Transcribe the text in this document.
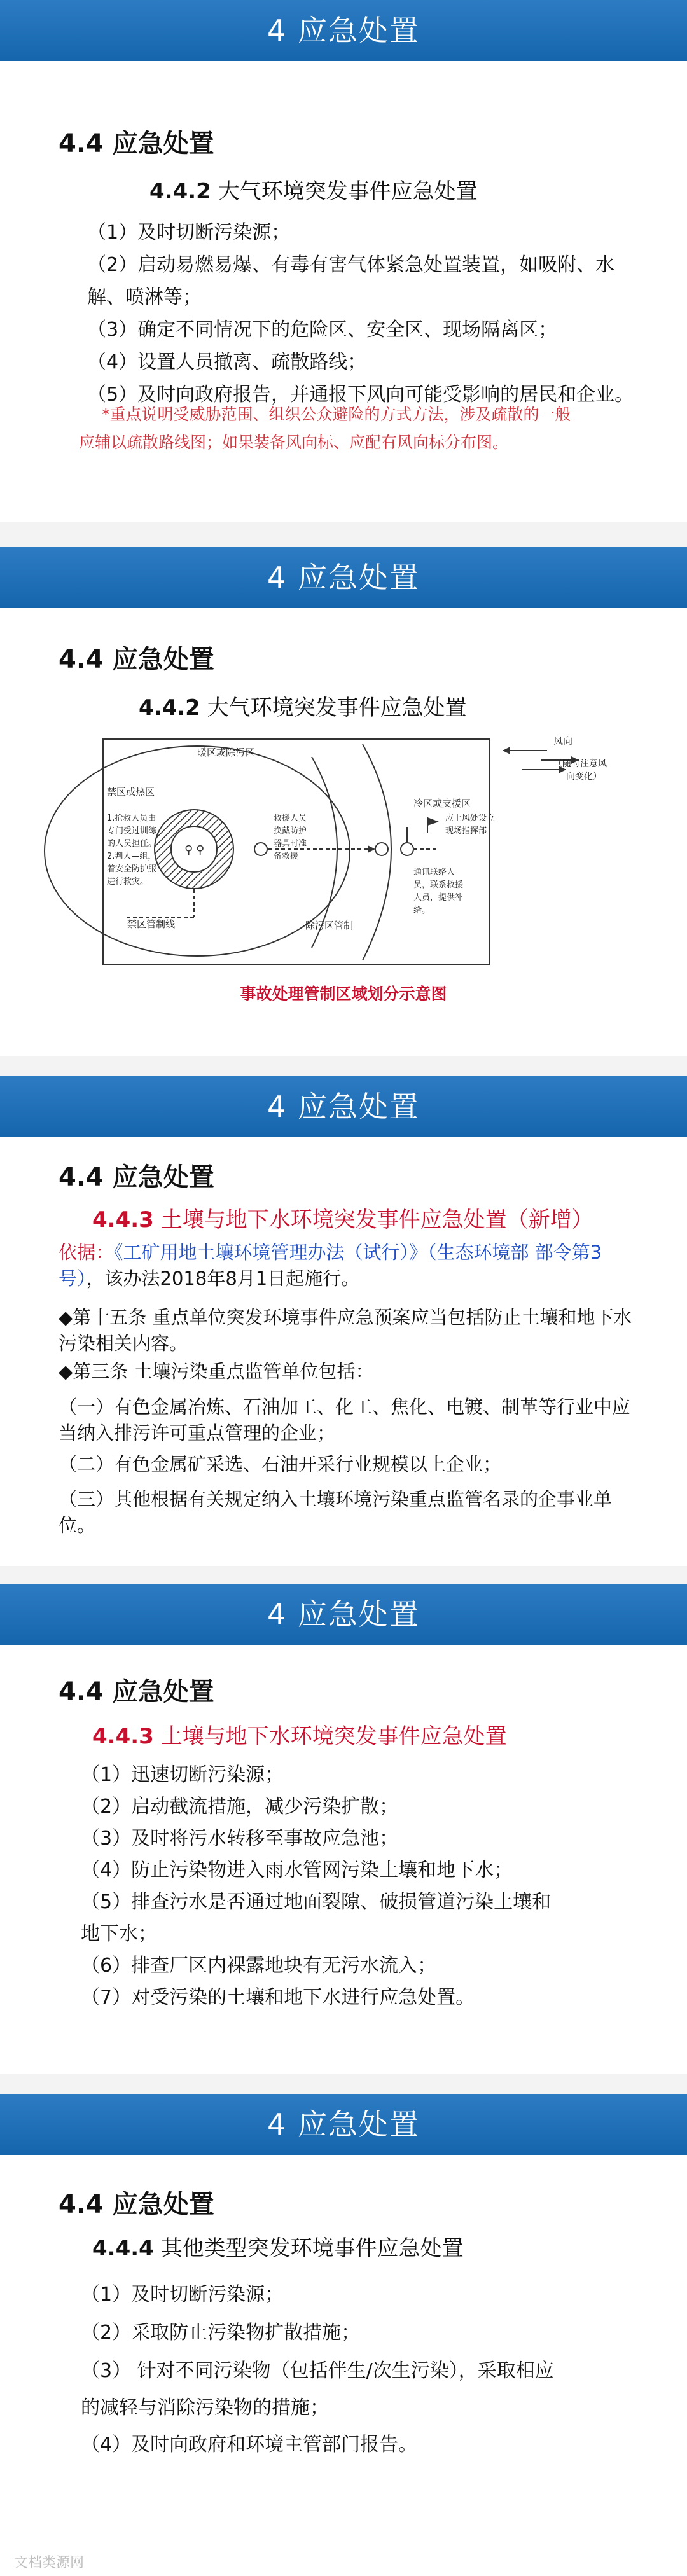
4 应急处置
4.4 应急处置
4.4.2 大气环境突发事件应急处置
（1）及时切断污染源；
（2）启动易燃易爆、有毒有害气体紧急处置装置，如吸附、水
解、喷淋等；
（3）确定不同情况下的危险区、安全区、现场隔离区；
（4）设置人员撤离、疏散路线；
（5）及时向政府报告，并通报下风向可能受影响的居民和企业。
*重点说明受威胁范围、组织公众避险的方式方法，涉及疏散的一般
应辅以疏散路线图；如果装备风向标、应配有风向标分布图。
4 应急处置
4.4 应急处置
4.4.2 大气环境突发事件应急处置
⚲ ⚲
暖区或除污区
冷区或支援区
禁区或热区
除污区管制
禁区管制线
风向
（随时注意风
向变化）
1.抢救人员由
专门受过训练
的人员担任。
2.判人—组，
着安全防护服
进行救灾。
救援人员
换戴防护
器具时准
备救援
应上风处设立
现场指挥部
通讯联络人
员，联系救援
人员，提供补
给。
事故处理管制区域划分示意图
4 应急处置
4.4 应急处置
4.4.3 土壤与地下水环境突发事件应急处置（新增）
依据：《工矿用地土壤环境管理办法（试行）》（生态环境部 部令第3号），该办法2018年8月1日起施行。
◆第十五条 重点单位突发环境事件应急预案应当包括防止土壤和地下水污染相关内容。
◆第三条 土壤污染重点监管单位包括：
（一）有色金属冶炼、石油加工、化工、焦化、电镀、制革等行业中应当纳入排污许可重点管理的企业；
（二）有色金属矿采选、石油开采行业规模以上企业；
（三）其他根据有关规定纳入土壤环境污染重点监管名录的企事业单位。
4 应急处置
4.4 应急处置
4.4.3 土壤与地下水环境突发事件应急处置
（1）迅速切断污染源；
（2）启动截流措施，减少污染扩散；
（3）及时将污水转移至事故应急池；
（4）防止污染物进入雨水管网污染土壤和地下水；
（5）排查污水是否通过地面裂隙、破损管道污染土壤和
地下水；
（6）排查厂区内裸露地块有无污水流入；
（7）对受污染的土壤和地下水进行应急处置。
4 应急处置
4.4 应急处置
4.4.4 其他类型突发环境事件应急处置
（1）及时切断污染源；
（2）采取防止污染物扩散措施；
（3） 针对不同污染物（包括伴生/次生污染），采取相应
的减轻与消除污染物的措施；
（4）及时向政府和环境主管部门报告。
文档类源网
